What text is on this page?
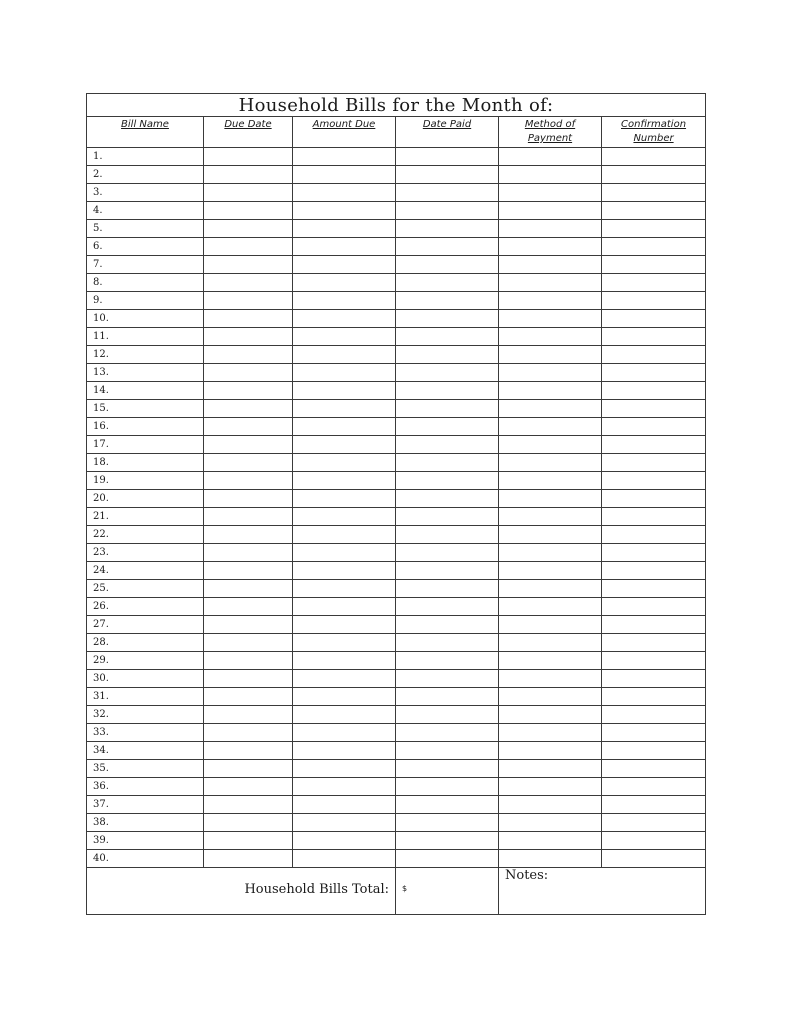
Household Bills for the Month of:					

Bill Name	Due Date	Amount Due	Date Paid	Method of Payment	Confirmation Number

1.					
2.					
3.					
4.					
5.					
6.					
7.					
8.					
9.					
10.					
11.					
12.					
13.					
14.					
15.					
16.					
17.					
18.					
19.					
20.					
21.					
22.					
23.					
24.					
25.					
26.					
27.					
28.					
29.					
30.					
31.					
32.					
33.					
34.					
35.					
36.					
37.					
38.					
39.					
40.					

Household Bills Total:			$	Notes:	
